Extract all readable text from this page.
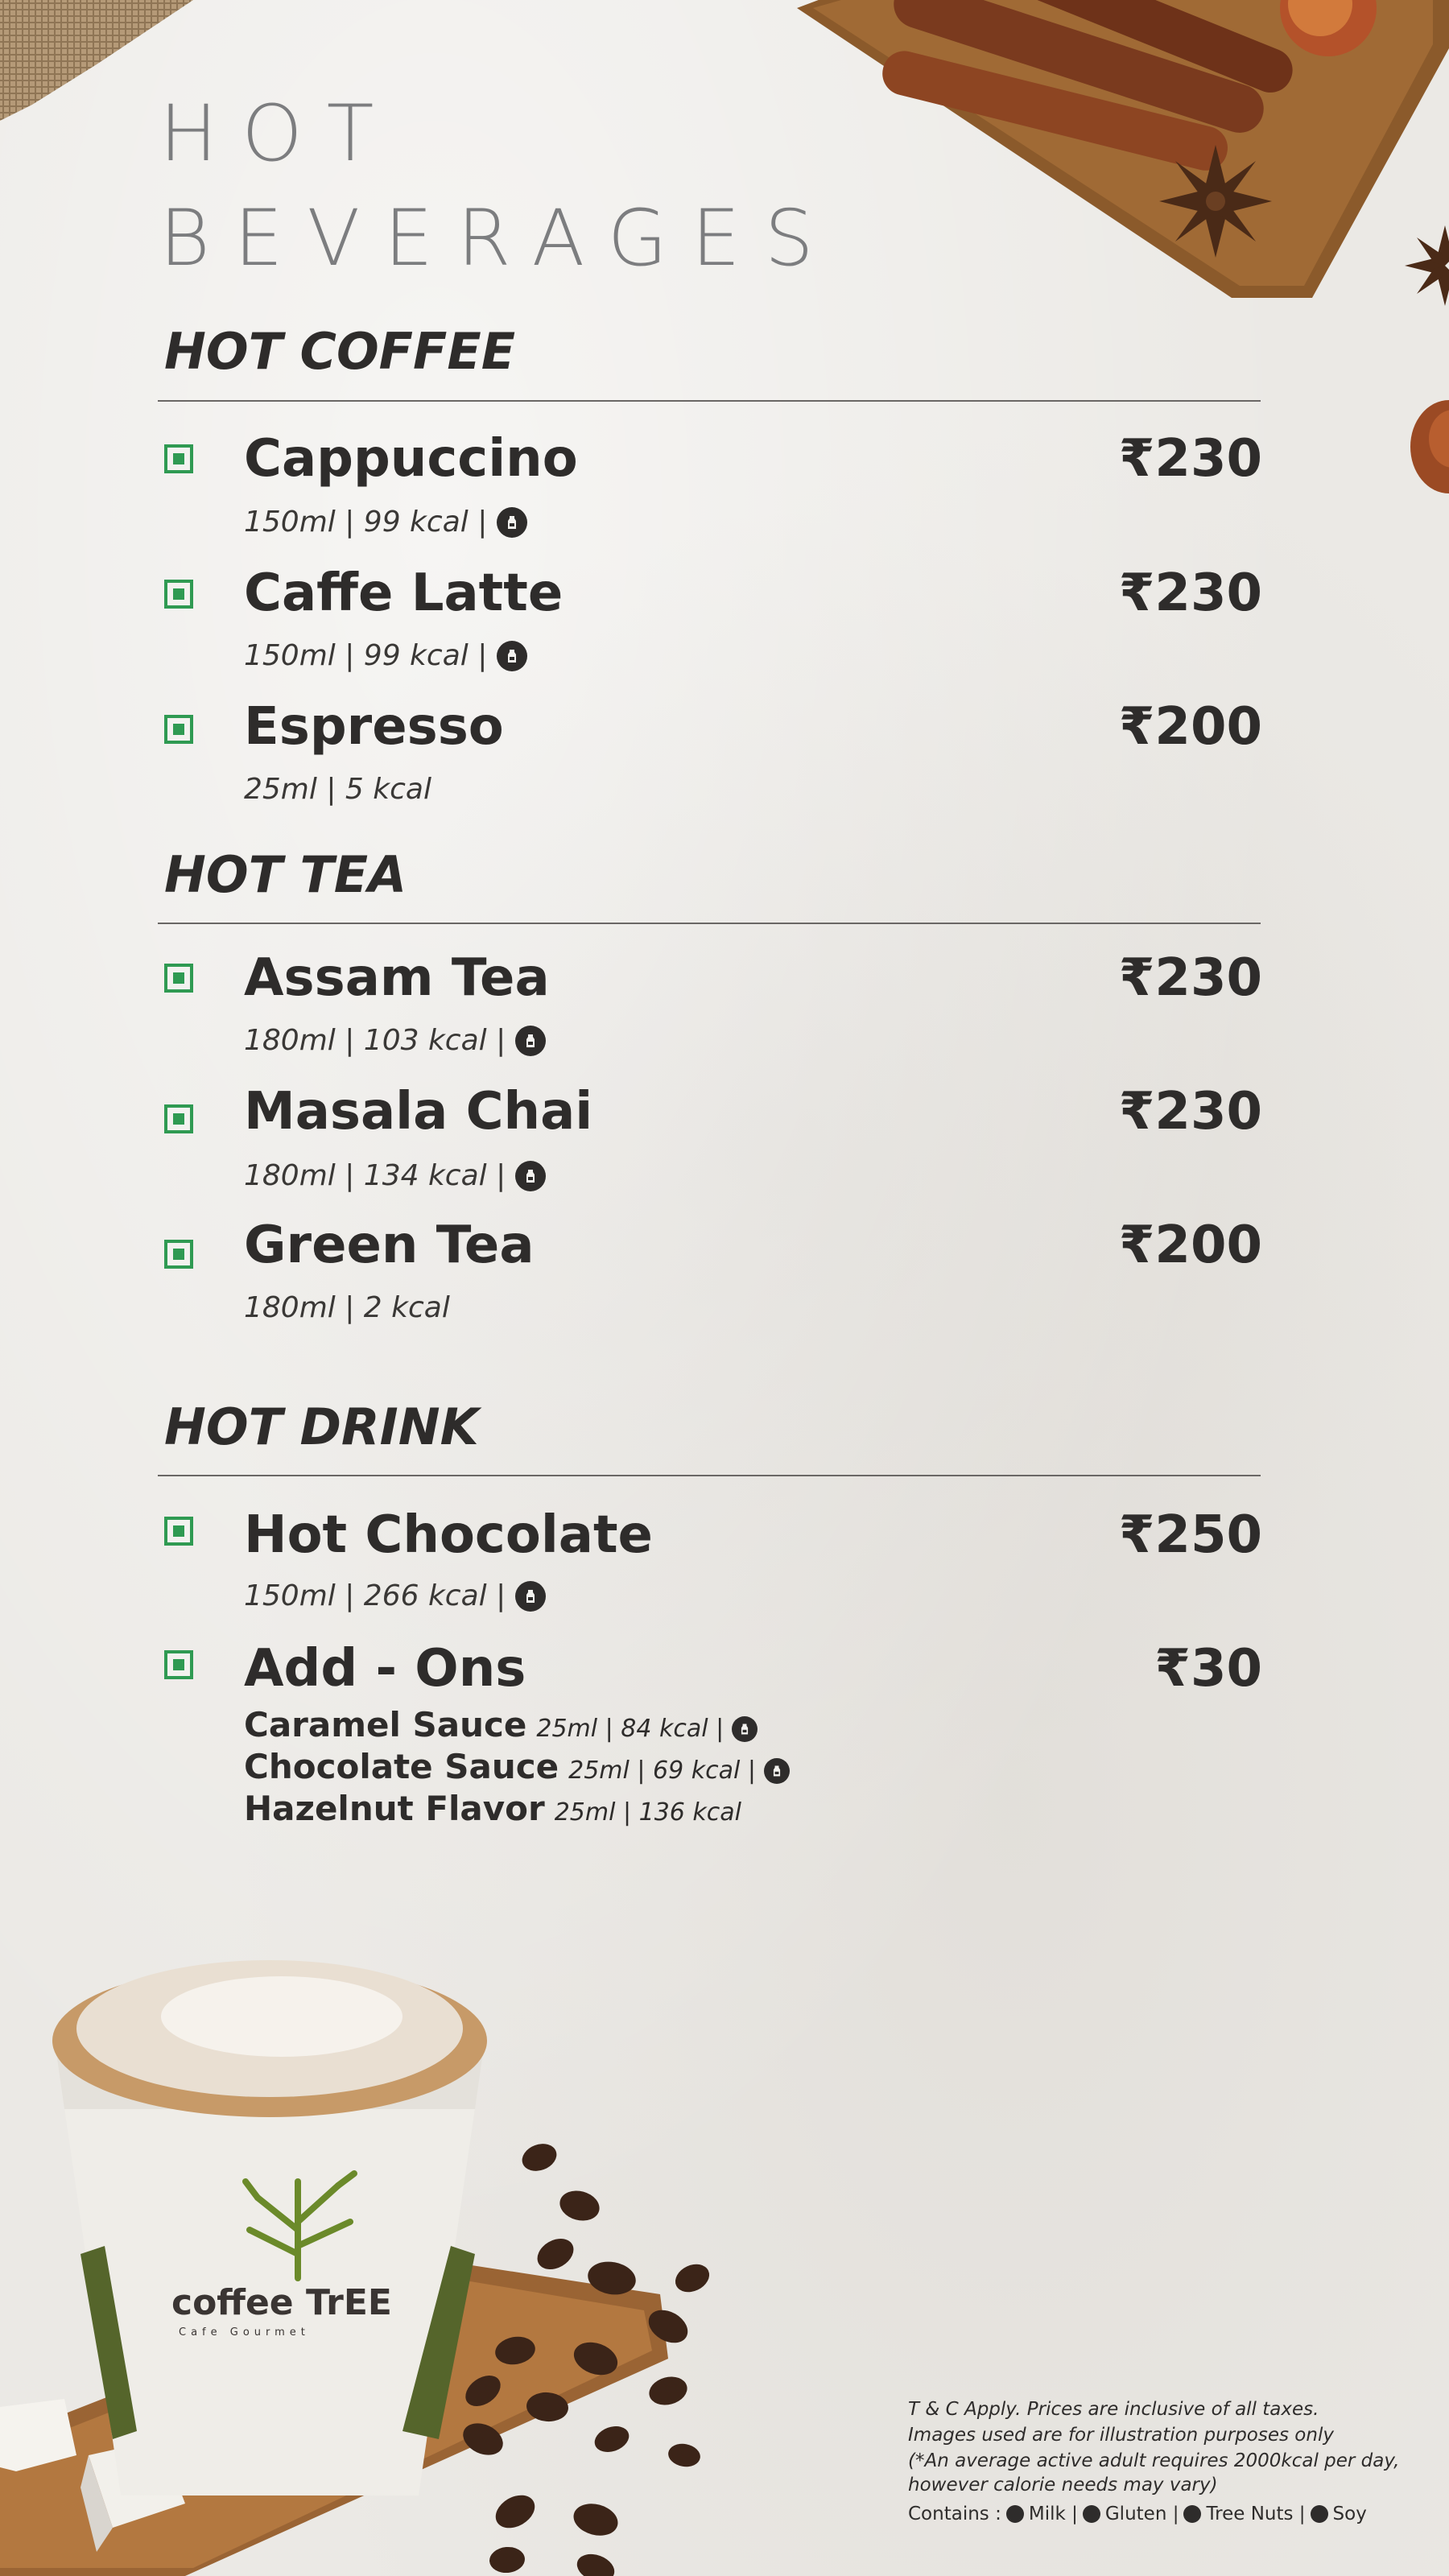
HOT
BEVERAGES
HOT COFFEE
Cappuccino	₹230
150ml | 99 kcal |
Caffe Latte	₹230
150ml | 99 kcal |
Espresso	₹200
25ml | 5 kcal
HOT TEA
Assam Tea	₹230
180ml | 103 kcal |
Masala Chai	₹230
180ml | 134 kcal |
Green Tea	₹200
180ml | 2 kcal
HOT DRINK
Hot Chocolate	₹250
150ml | 266 kcal |
Add - Ons	₹30
Caramel Sauce 25ml | 84 kcal |
Chocolate Sauce 25ml | 69 kcal |
Hazelnut Flavor 25ml | 136 kcal
coffee TrEE
Cafe Gourmet
T & C Apply. Prices are inclusive of all taxes.
Images used are for illustration purposes only
(*An average active adult requires 2000kcal per day,
however calorie needs may vary)
Contains : Milk | Gluten | Tree Nuts | Soy
